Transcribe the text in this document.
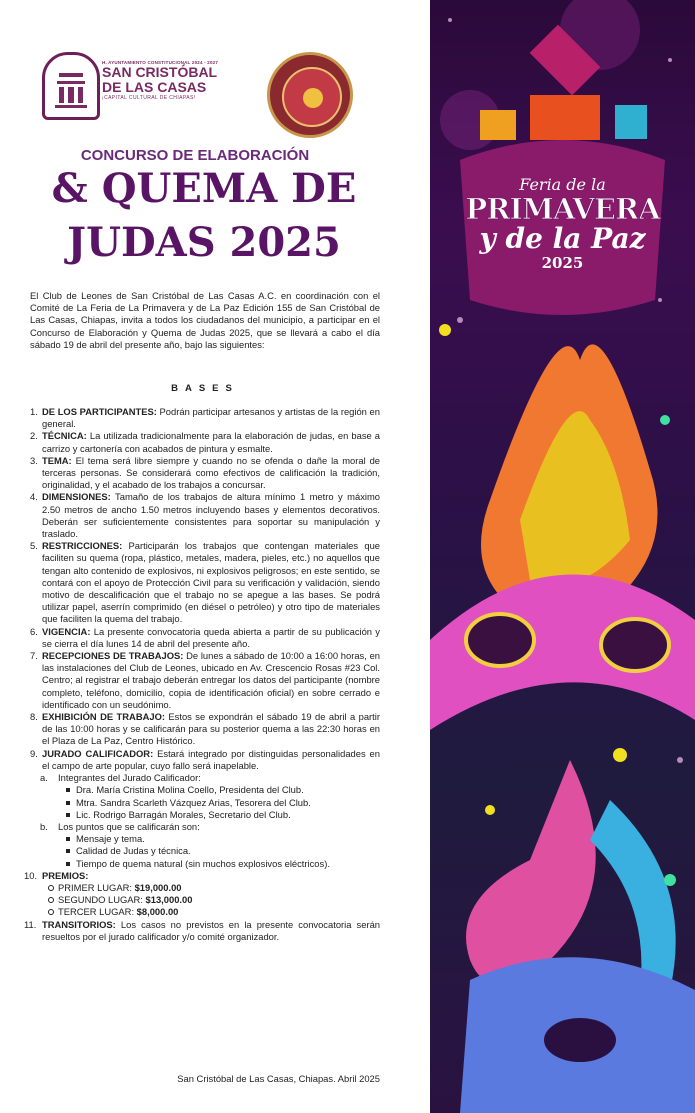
H. AYUNTAMIENTO CONSTITUCIONAL 2024 - 2027
SAN CRISTÓBAL
DE LAS CASAS
¡CAPITAL CULTURAL DE CHIAPAS!
CONCURSO DE ELABORACIÓN
& QUEMA DE
JUDAS 2025
El Club de Leones de San Cristóbal de Las Casas A.C. en coordinación con el Comité de La Feria de La Primavera y de La Paz Edición 155 de San Cristóbal de Las Casas, Chiapas, invita a todos los ciudadanos del municipio, a participar en el Concurso de Elaboración y Quema de Judas 2025, que se llevará a cabo el día sábado 19 de abril del presente año, bajo las siguientes:
BASES
1. DE LOS PARTICIPANTES: Podrán participar artesanos y artistas de la región en general.
2. TÉCNICA: La utilizada tradicionalmente para la elaboración de judas, en base a carrizo y cartonería con acabados de pintura y esmalte.
3. TEMA: El tema será libre siempre y cuando no se ofenda o dañe la moral de terceras personas. Se considerará como efectivos de calificación la tradición, originalidad, y el acabado de los trabajos a concursar.
4. DIMENSIONES: Tamaño de los trabajos de altura mínimo 1 metro y máximo 2.50 metros de ancho 1.50 metros incluyendo bases y elementos decorativos. Deberán ser suficientemente consistentes para soportar su manipulación y traslado.
5. RESTRICCIONES: Participarán los trabajos que contengan materiales que faciliten su quema (ropa, plástico, metales, madera, pieles, etc.) no aquellos que tengan alto contenido de explosivos, ni explosivos peligrosos; en este sentido, se contará con el apoyo de Protección Civil para su verificación y validación, siendo motivo de descalificación que el trabajo no se apegue a las bases. Se podrá utilizar papel, aserrín comprimido (en diésel o petróleo) y otro tipo de materiales que faciliten la quema del trabajo.
6. VIGENCIA: La presente convocatoria queda abierta a partir de su publicación y se cierra el día lunes 14 de abril del presente año.
7. RECEPCIONES DE TRABAJOS: De lunes a sábado de 10:00 a 16:00 horas, en las instalaciones del Club de Leones, ubicado en Av. Crescencio Rosas #23 Col. Centro; al registrar el trabajo deberán entregar los datos del participante (nombre completo, teléfono, domicilio, copia de identificación oficial) en sobre cerrado e identificado con un seudónimo.
8. EXHIBICIÓN DE TRABAJO: Estos se expondrán el sábado 19 de abril a partir de las 10:00 horas y se calificarán para su posterior quema a las 22:30 horas en el Plaza de La Paz, Centro Histórico.
9. JURADO CALIFICADOR: Estará integrado por distinguidas personalidades en el campo de arte popular, cuyo fallo será inapelable.
a. Integrantes del Jurado Calificador:
Dra. María Cristina Molina Coello, Presidenta del Club.
Mtra. Sandra Scarleth Vázquez Arias, Tesorera del Club.
Lic. Rodrigo Barragán Morales, Secretario del Club.
b. Los puntos que se calificarán son:
Mensaje y tema.
Calidad de Judas y técnica.
Tiempo de quema natural (sin muchos explosivos eléctricos).
10. PREMIOS:
PRIMER LUGAR: $19,000.00
SEGUNDO LUGAR: $13,000.00
TERCER LUGAR: $8,000.00
11. TRANSITORIOS: Los casos no previstos en la presente convocatoria serán resueltos por el jurado calificador y/o comité organizador.
San Cristóbal de Las Casas, Chiapas. Abril 2025
Feria de la
PRIMAVERA
y de la Paz
2025
